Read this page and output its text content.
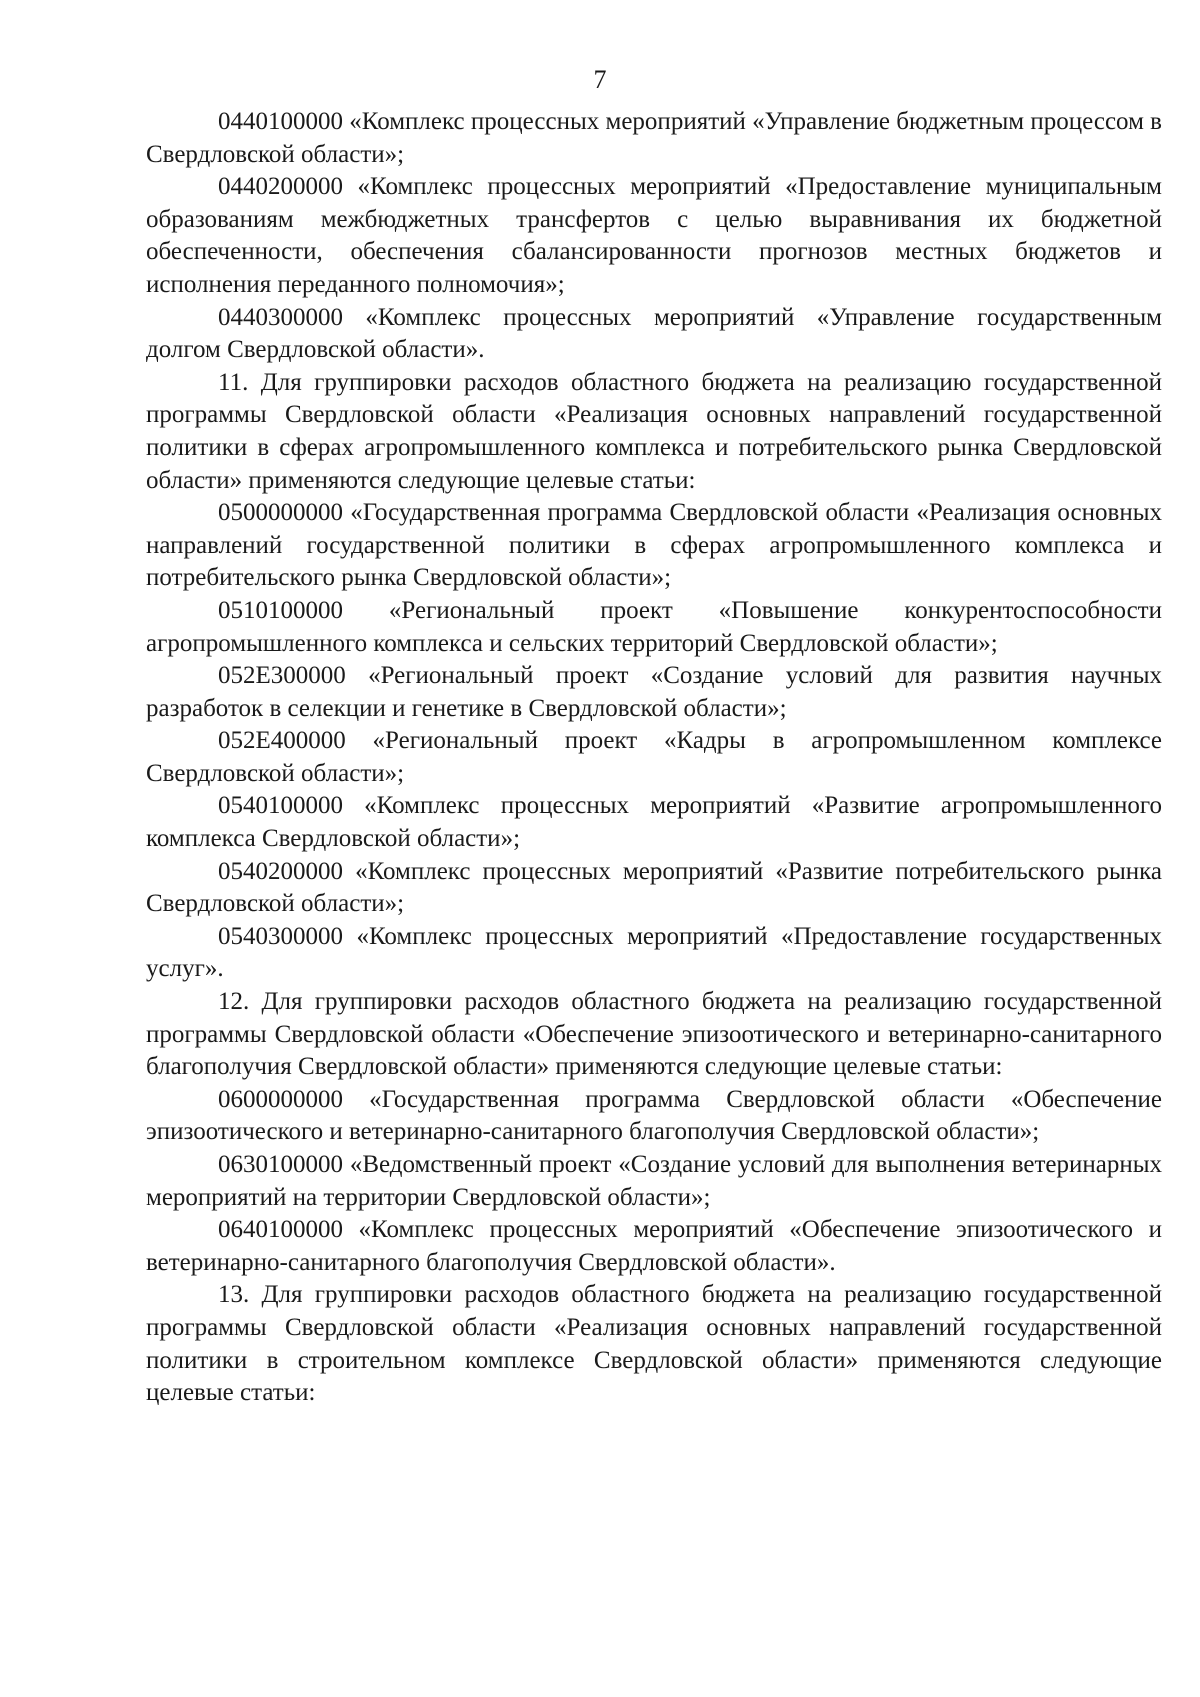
7

0440100000 «Комплекс процессных мероприятий «Управление бюджетным процессом в Свердловской области»;

0440200000 «Комплекс процессных мероприятий «Предоставление муниципальным образованиям межбюджетных трансфертов с целью выравнивания их бюджетной обеспеченности, обеспечения сбалансированности прогнозов местных бюджетов и исполнения переданного полномочия»;

0440300000 «Комплекс процессных мероприятий «Управление государственным долгом Свердловской области».

11. Для группировки расходов областного бюджета на реализацию государственной программы Свердловской области «Реализация основных направлений государственной политики в сферах агропромышленного комплекса и потребительского рынка Свердловской области» применяются следующие целевые статьи:

0500000000 «Государственная программа Свердловской области «Реализация основных направлений государственной политики в сферах агропромышленного комплекса и потребительского рынка Свердловской области»;

0510100000 «Региональный проект «Повышение конкурентоспособности агропромышленного комплекса и сельских территорий Свердловской области»;

052Е300000 «Региональный проект «Создание условий для развития научных разработок в селекции и генетике в Свердловской области»;

052Е400000 «Региональный проект «Кадры в агропромышленном комплексе Свердловской области»;

0540100000 «Комплекс процессных мероприятий «Развитие агропромышленного комплекса Свердловской области»;

0540200000 «Комплекс процессных мероприятий «Развитие потребительского рынка Свердловской области»;

0540300000 «Комплекс процессных мероприятий «Предоставление государственных услуг».

12. Для группировки расходов областного бюджета на реализацию государственной программы Свердловской области «Обеспечение эпизоотического и ветеринарно-санитарного благополучия Свердловской области» применяются следующие целевые статьи:

0600000000 «Государственная программа Свердловской области «Обеспечение эпизоотического и ветеринарно-санитарного благополучия Свердловской области»;

0630100000 «Ведомственный проект «Создание условий для выполнения ветеринарных мероприятий на территории Свердловской области»;

0640100000 «Комплекс процессных мероприятий «Обеспечение эпизоотического и ветеринарно-санитарного благополучия Свердловской области».

13. Для группировки расходов областного бюджета на реализацию государственной программы Свердловской области «Реализация основных направлений государственной политики в строительном комплексе Свердловской области» применяются следующие целевые статьи:
